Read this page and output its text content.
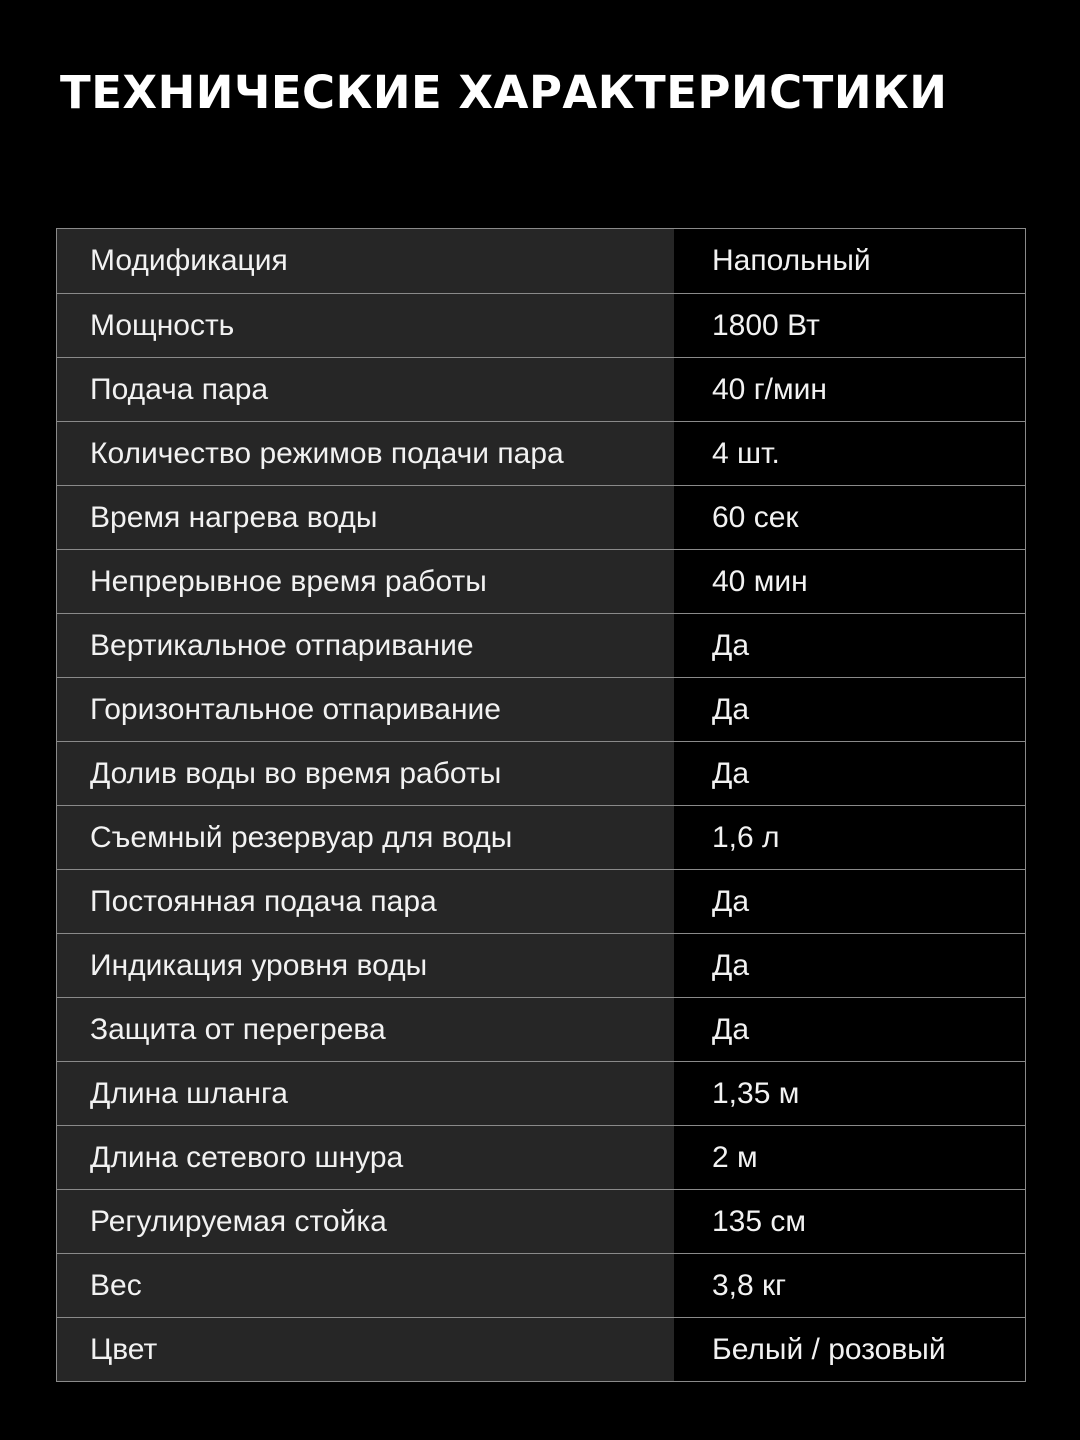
ТЕХНИЧЕСКИЕ ХАРАКТЕРИСТИКИ
Модификация	Напольный
Мощность	1800 Вт
Подача пара	40 г/мин
Количество режимов подачи пара	4 шт.
Время нагрева воды	60 сек
Непрерывное время работы	40 мин
Вертикальное отпаривание	Да
Горизонтальное отпаривание	Да
Долив воды во время работы	Да
Съемный резервуар для воды	1,6 л
Постоянная подача пара	Да
Индикация уровня воды	Да
Защита от перегрева	Да
Длина шланга	1,35 м
Длина сетевого шнура	2 м
Регулируемая стойка	135 см
Вес	3,8 кг
Цвет	Белый / розовый
